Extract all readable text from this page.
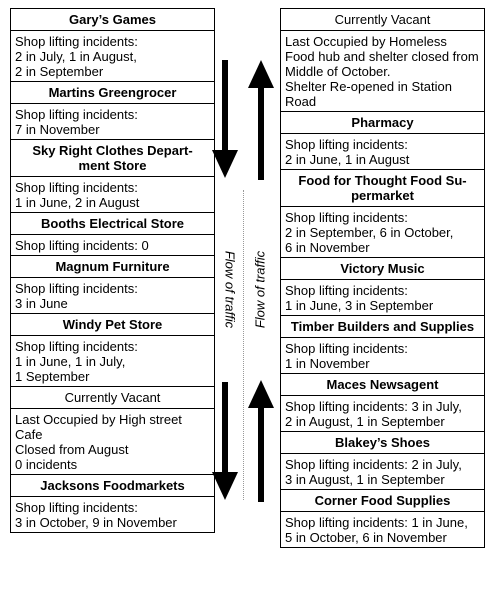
Gary’s Games
Shop lifting incidents:
2 in July, 1 in August,
2 in September
Martins Greengrocer
Shop lifting incidents:
7 in November
Sky Right Clothes Depart-ment Store
Shop lifting incidents:
1 in June, 2 in August
Booths Electrical Store
Shop lifting incidents: 0
Magnum Furniture
Shop lifting incidents:
3 in June
Windy Pet Store
Shop lifting incidents:
1 in June, 1 in July,
1 September
Currently Vacant
Last Occupied by High street Cafe
Closed from August
0 incidents
Jacksons Foodmarkets
Shop lifting incidents:
3 in October, 9 in November
Currently Vacant
Last Occupied by Homeless Food hub and shelter closed from Middle of October.
Shelter Re-opened in Station Road
Pharmacy
Shop lifting incidents:
2 in June, 1 in August
Food for Thought Food Su-permarket
Shop lifting incidents:
2 in September, 6 in October,
6 in November
Victory Music
Shop lifting incidents:
1 in June, 3 in September
Timber Builders and Supplies
Shop lifting incidents:
1 in November
Maces Newsagent
Shop lifting incidents: 3 in July,
2 in August, 1 in September
Blakey’s Shoes
Shop lifting incidents: 2 in July,
3 in August, 1 in September
Corner Food Supplies
Shop lifting incidents: 1 in June,
5 in October, 6 in November
Flow of traffic Flow of traffic
